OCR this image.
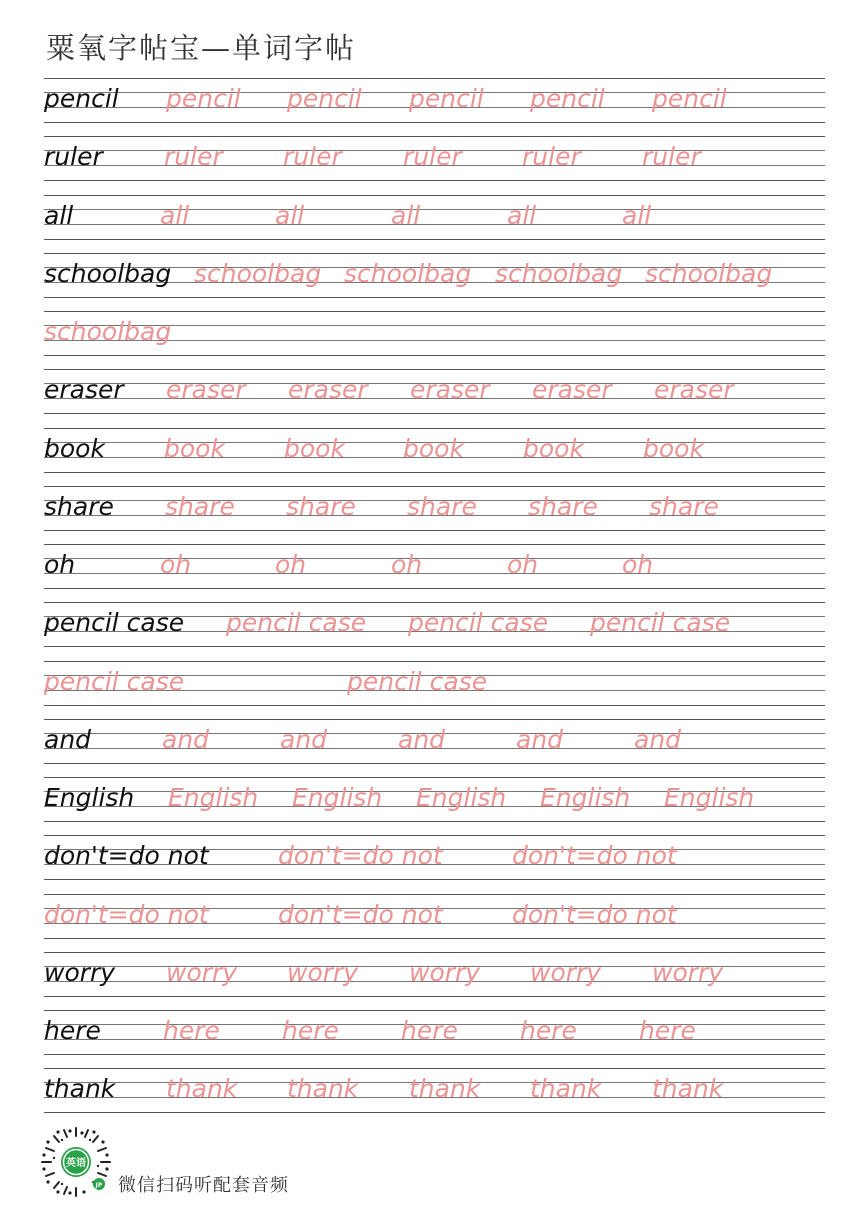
粟氧字帖宝—单词字帖
pencil pencil pencil pencil pencil pencil
ruler ruler ruler ruler ruler ruler
all	all	all	all	all	all
schoolbag schoolbag schoolbag schoolbag schoolbag
schoolbag
eraser eraser eraser eraser eraser eraser
book book book book book book
share share share share share share
oh	oh	oh	oh	oh	oh
pencil case pencil case pencil case pencil case
pencil case	pencil case
and	and	and	and	and	and
English English English English English English
don't=do not	don't=do not	don't=do not
don't=do not	don't=do not	don't=do not
worry worry worry worry worry worry
here here here here here here
thank thank thank thank thank thank
英语
JP 微信扫码听配套音频
